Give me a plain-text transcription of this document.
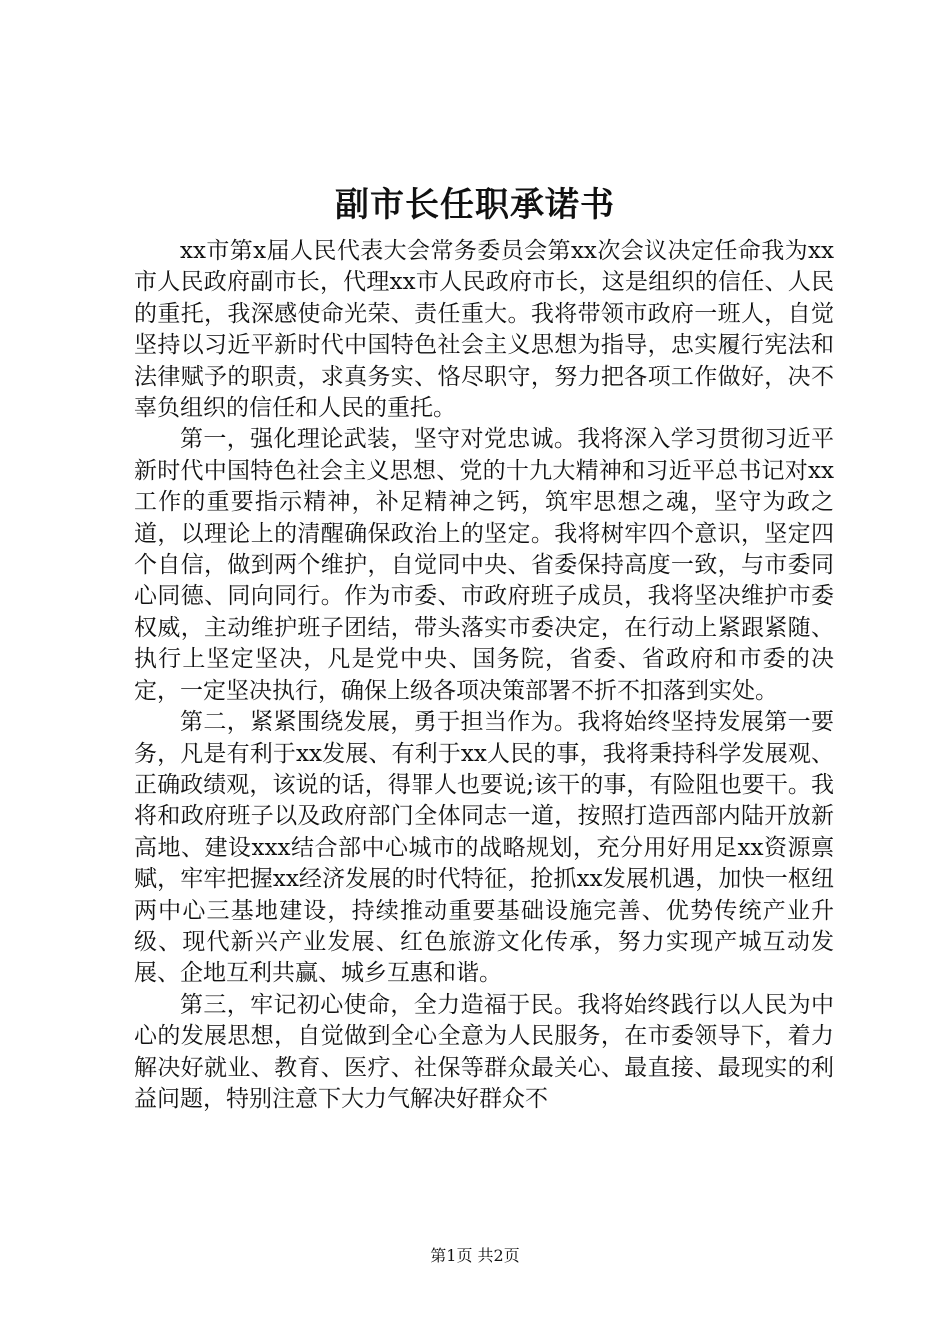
副市长任职承诺书

xx市第x届人民代表大会常务委员会第xx次会议决定任命我为xx市人民政府副市长，代理xx市人民政府市长，这是组织的信任、人民的重托，我深感使命光荣、责任重大。我将带领市政府一班人，自觉坚持以习近平新时代中国特色社会主义思想为指导，忠实履行宪法和法律赋予的职责，求真务实、恪尽职守，努力把各项工作做好，决不辜负组织的信任和人民的重托。

第一，强化理论武装，坚守对党忠诚。我将深入学习贯彻习近平新时代中国特色社会主义思想、党的十九大精神和习近平总书记对xx工作的重要指示精神，补足精神之钙，筑牢思想之魂，坚守为政之道，以理论上的清醒确保政治上的坚定。我将树牢四个意识，坚定四个自信，做到两个维护，自觉同中央、省委保持高度一致，与市委同心同德、同向同行。作为市委、市政府班子成员，我将坚决维护市委权威，主动维护班子团结，带头落实市委决定，在行动上紧跟紧随、执行上坚定坚决，凡是党中央、国务院，省委、省政府和市委的决定，一定坚决执行，确保上级各项决策部署不折不扣落到实处。

第二，紧紧围绕发展，勇于担当作为。我将始终坚持发展第一要务，凡是有利于xx发展、有利于xx人民的事，我将秉持科学发展观、正确政绩观，该说的话，得罪人也要说;该干的事，有险阻也要干。我将和政府班子以及政府部门全体同志一道，按照打造西部内陆开放新高地、建设xxx结合部中心城市的战略规划，充分用好用足xx资源禀赋，牢牢把握xx经济发展的时代特征，抢抓xx发展机遇，加快一枢纽两中心三基地建设，持续推动重要基础设施完善、优势传统产业升级、现代新兴产业发展、红色旅游文化传承，努力实现产城互动发展、企地互利共赢、城乡互惠和谐。

第三，牢记初心使命，全力造福于民。我将始终践行以人民为中心的发展思想，自觉做到全心全意为人民服务，在市委领导下，着力解决好就业、教育、医疗、社保等群众最关心、最直接、最现实的利益问题，特别注意下大力气解决好群众不

第1页 共2页
